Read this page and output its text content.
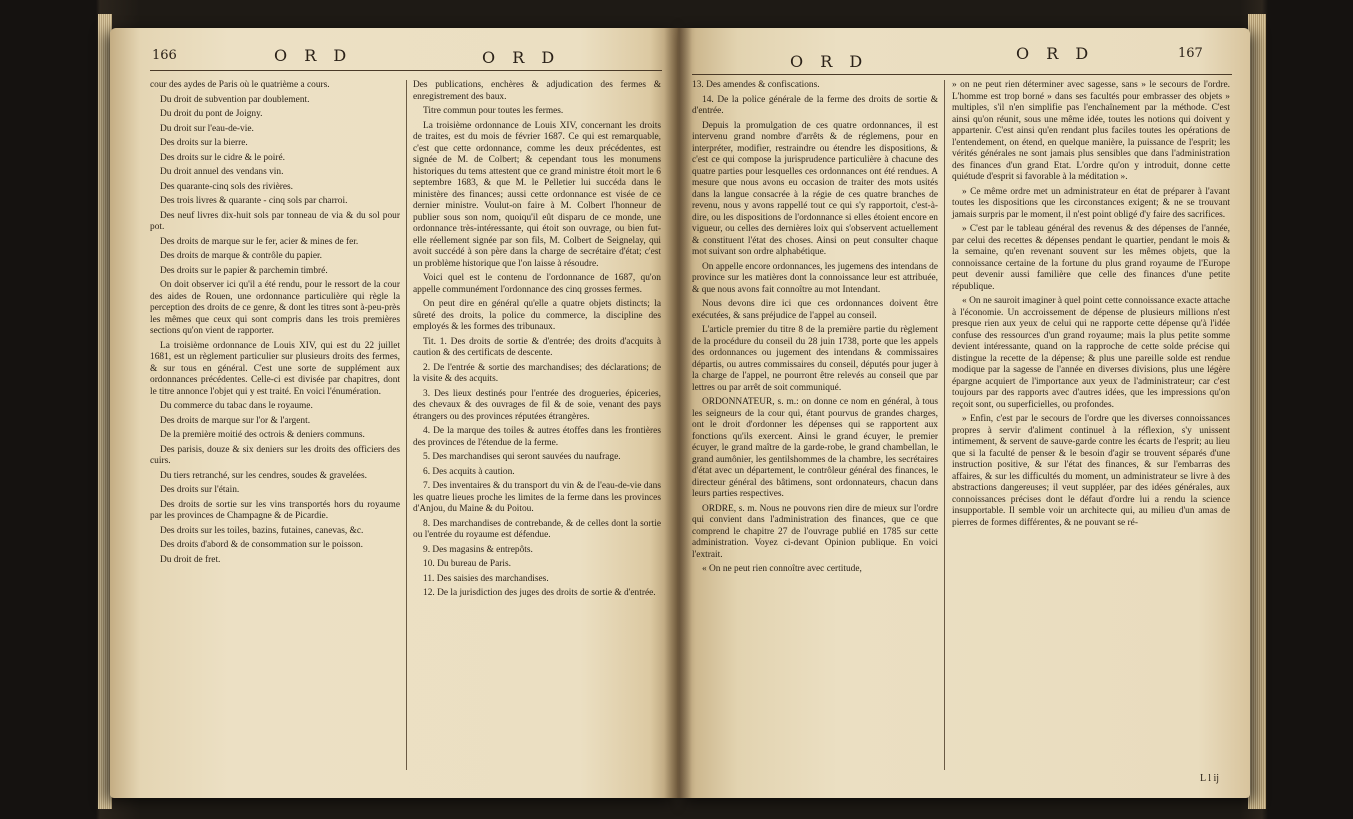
166	O R D	O R D	O R D	O R D	167

cour des aydes de Paris où le quatrième a cours.

Du droit de subvention par doublement.

Du droit du pont de Joigny.

Du droit sur l'eau-de-vie.

Des droits sur la bierre.

Des droits sur le cidre & le poiré.

Du droit annuel des vendans vin.

Des quarante-cinq sols des rivières.

Des trois livres & quarante - cinq sols par charroi.

Des neuf livres dix-huit sols par tonneau de via & du sol pour pot.

Des droits de marque sur le fer, acier & mines de fer.

Des droits de marque & contrôle du papier.

Des droits sur le papier & parchemin timbré.

On doit observer ici qu'il a été rendu, pour le ressort de la cour des aides de Rouen, une ordonnance particulière qui règle la perception des droits de ce genre, & dont les titres sont à-peu-près les mêmes que ceux qui sont compris dans les trois premières sections qu'on vient de rapporter.

La troisième ordonnance de Louis XIV, qui est du 22 juillet 1681, est un règlement particulier sur plusieurs droits des fermes, & sur tous en général. C'est une sorte de supplément aux ordonnances précédentes. Celle-ci est divisée par chapitres, dont le titre annonce l'objet qui y est traité. En voici l'énumération.

Du commerce du tabac dans le royaume.

Des droits de marque sur l'or & l'argent.

De la première moitié des octrois & deniers communs.

Des parisis, douze & six deniers sur les droits des officiers des cuirs.

Du tiers retranché, sur les cendres, soudes & gravelées.

Des droits sur l'étain.

Des droits de sortie sur les vins transportés hors du royaume par les provinces de Champagne & de Picardie.

Des droits sur les toiles, bazins, futaines, canevas, &c.

Des droits d'abord & de consommation sur le poisson.

Du droit de fret.

Des publications, enchères & adjudication des fermes & enregistrement des baux.

Titre commun pour toutes les fermes.

La troisième ordonnance de Louis XIV, concernant les droits de traites, est du mois de février 1687. Ce qui est remarquable, c'est que cette ordonnance, comme les deux précédentes, est signée de M. de Colbert; & cependant tous les monumens historiques du tems attestent que ce grand ministre étoit mort le 6 septembre 1683, & que M. le Pelletier lui succéda dans le ministère des finances; aussi cette ordonnance est visée de ce dernier ministre. Voulut-on faire à M. Colbert l'honneur de publier sous son nom, quoiqu'il eût disparu de ce monde, une ordonnance très-intéressante, qui étoit son ouvrage, ou bien fut-elle réellement signée par son fils, M. Colbert de Seignelay, qui avoit succédé à son père dans la charge de secrétaire d'état; c'est un problème historique que l'on laisse à résoudre.

Voici quel est le contenu de l'ordonnance de 1687, qu'on appelle communément l'ordonnance des cinq grosses fermes.

On peut dire en général qu'elle a quatre objets distincts; la sûreté des droits, la police du commerce, la discipline des employés & les formes des tribunaux.

Tit. 1. Des droits de sortie & d'entrée; des droits d'acquits à caution & des certificats de descente.

2. De l'entrée & sortie des marchandises; des déclarations; de la visite & des acquits.

3. Des lieux destinés pour l'entrée des drogueries, épiceries, des chevaux & des ouvrages de fil & de soie, venant des pays étrangers ou des provinces réputées étrangères.

4. De la marque des toiles & autres étoffes dans les frontières des provinces de l'étendue de la ferme.

5. Des marchandises qui seront sauvées du naufrage.

6. Des acquits à caution.

7. Des inventaires & du transport du vin & de l'eau-de-vie dans les quatre lieues proche les limites de la ferme dans les provinces d'Anjou, du Maine & du Poitou.

8. Des marchandises de contrebande, & de celles dont la sortie ou l'entrée du royaume est défendue.

9. Des magasins & entrepôts.

10. Du bureau de Paris.

11. Des saisies des marchandises.

12. De la jurisdiction des juges des droits de sortie & d'entrée.

13. Des amendes & confiscations.

14. De la police générale de la ferme des droits de sortie & d'entrée.

Depuis la promulgation de ces quatre ordonnances, il est intervenu grand nombre d'arrêts & de réglemens, pour en interpréter, modifier, restraindre ou étendre les dispositions, & c'est ce qui compose la jurisprudence particulière à chacune des quatre parties pour lesquelles ces ordonnances ont été rendues. A mesure que nous avons eu occasion de traiter des mots usités dans la langue consacrée à la régie de ces quatre branches de revenu, nous y avons rappellé tout ce qui s'y rapportoit, c'est-à-dire, ou les dispositions de l'ordonnance si elles étoient encore en vigueur, ou celles des dernières loix qui s'observent actuellement & constituent l'état des choses. Ainsi on peut consulter chaque mot suivant son ordre alphabétique.

On appelle encore ordonnances, les jugemens des intendans de province sur les matières dont la connoissance leur est attribuée, & que nous avons fait connoître au mot Intendant.

Nous devons dire ici que ces ordonnances doivent être exécutées, & sans préjudice de l'appel au conseil.

L'article premier du titre 8 de la première partie du règlement de la procédure du conseil du 28 juin 1738, porte que les appels des ordonnances ou jugement des intendans & commissaires départis, ou autres commissaires du conseil, députés pour juger à la charge de l'appel, ne pourront être relevés au conseil que par lettres ou par arrêt de soit communiqué.

ORDONNATEUR, s. m.: on donne ce nom en général, à tous les seigneurs de la cour qui, étant pourvus de grandes charges, ont le droit d'ordonner les dépenses qui se rapportent aux fonctions qu'ils exercent. Ainsi le grand écuyer, le premier écuyer, le grand maître de la garde-robe, le grand chambellan, le grand aumônier, les gentilshommes de la chambre, les secrétaires d'état avec un département, le contrôleur général des finances, le directeur général des bâtimens, sont ordonnateurs, chacun dans leurs parties respectives.

ORDRE, s. m. Nous ne pouvons rien dire de mieux sur l'ordre qui convient dans l'administration des finances, que ce que comprend le chapitre 27 de l'ouvrage publié en 1785 sur cette administration. Voyez ci-devant Opinion publique. En voici l'extrait.

« On ne peut rien connoître avec certitude,

» on ne peut rien déterminer avec sagesse, sans » le secours de l'ordre. L'homme est trop borné » dans ses facultés pour embrasser des objets » multiples, s'il n'en simplifie pas l'enchaînement par la méthode. C'est ainsi qu'on réunit, sous une même idée, toutes les notions qui doivent y appartenir. C'est ainsi qu'en rendant plus faciles toutes les opérations de l'entendement, on étend, en quelque manière, la puissance de l'esprit; les vérités générales ne sont jamais plus sensibles que dans l'administration des finances d'un grand Etat. L'ordre qu'on y introduit, donne cette quiétude d'esprit si favorable à la méditation ».

» Ce même ordre met un administrateur en état de préparer à l'avant toutes les dispositions que les circonstances exigent; & ne se trouvant jamais surpris par le moment, il n'est point obligé d'y faire des sacrifices.

» C'est par le tableau général des revenus & des dépenses de l'année, par celui des recettes & dépenses pendant le quartier, pendant le mois & la semaine, qu'en revenant souvent sur les mêmes objets, que la connoissance certaine de la fortune du plus grand royaume de l'Europe peut devenir aussi familière que celle des finances d'une petite république.

« On ne sauroit imaginer à quel point cette connoissance exacte attache à l'économie. Un accroissement de dépense de plusieurs millions n'est presque rien aux yeux de celui qui ne rapporte cette dépense qu'à l'idée confuse des ressources d'un grand royaume; mais la plus petite somme devient intéressante, quand on la rapproche de cette solde précise qui distingue la recette de la dépense; & plus une pareille solde est rendue modique par la sagesse de l'année en diverses divisions, plus une légère épargne acquiert de l'importance aux yeux de l'administrateur; car c'est toujours par des rapports avec d'autres idées, que les impressions qu'on reçoit sont, ou superficielles, ou profondes.

» Enfin, c'est par le secours de l'ordre que les diverses connoissances propres à servir d'aliment continuel à la réflexion, s'y unissent intimement, & servent de sauve-garde contre les écarts de l'esprit; au lieu que si la faculté de penser & le besoin d'agir se trouvent séparés d'une instruction positive, & sur l'état des finances, & sur l'embarras des affaires, & sur les difficultés du moment, un administrateur se livre à des abstractions dangereuses; il veut suppléer, par des idées générales, aux connoissances précises dont le défaut d'ordre lui a rendu la science insupportable. Il semble voir un architecte qui, au milieu d'un amas de pierres de formes différentes, & ne pouvant se ré-

L l ij
